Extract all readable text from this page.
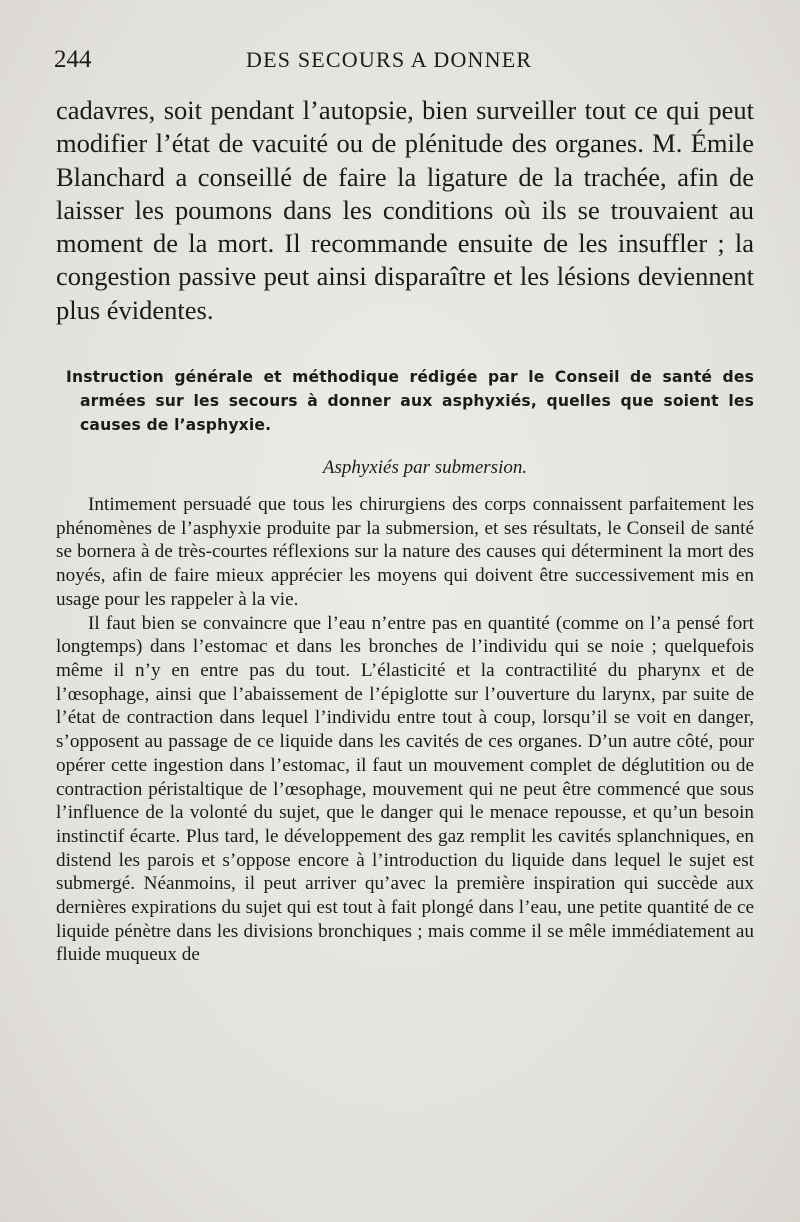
244	DES SECOURS A DONNER

cadavres, soit pendant l’autopsie, bien surveiller tout ce qui peut modifier l’état de vacuité ou de plénitude des organes. M. Émile Blanchard a conseillé de faire la ligature de la trachée, afin de laisser les poumons dans les conditions où ils se trouvaient au moment de la mort. Il recommande ensuite de les insuffler ; la congestion passive peut ainsi disparaître et les lésions deviennent plus évidentes.

Instruction générale et méthodique rédigée par le Conseil de santé des armées sur les secours à donner aux asphyxiés, quelles que soient les causes de l’asphyxie.
Asphyxiés par submersion.

Intimement persuadé que tous les chirurgiens des corps connaissent parfaitement les phénomènes de l’asphyxie produite par la submersion, et ses résultats, le Conseil de santé se bornera à de très-courtes réflexions sur la nature des causes qui déterminent la mort des noyés, afin de faire mieux apprécier les moyens qui doivent être successivement mis en usage pour les rappeler à la vie.

Il faut bien se convaincre que l’eau n’entre pas en quantité (comme on l’a pensé fort longtemps) dans l’estomac et dans les bronches de l’individu qui se noie ; quelquefois même il n’y en entre pas du tout. L’élasticité et la contractilité du pharynx et de l’œsophage, ainsi que l’abaissement de l’épiglotte sur l’ouverture du larynx, par suite de l’état de contraction dans lequel l’individu entre tout à coup, lorsqu’il se voit en danger, s’opposent au passage de ce liquide dans les cavités de ces organes. D’un autre côté, pour opérer cette ingestion dans l’estomac, il faut un mouvement complet de déglutition ou de contraction péristaltique de l’œsophage, mouvement qui ne peut être commencé que sous l’influence de la volonté du sujet, que le danger qui le menace repousse, et qu’un besoin instinctif écarte. Plus tard, le développement des gaz remplit les cavités splanchniques, en distend les parois et s’oppose encore à l’introduction du liquide dans lequel le sujet est submergé. Néanmoins, il peut arriver qu’avec la première inspiration qui succède aux dernières expirations du sujet qui est tout à fait plongé dans l’eau, une petite quantité de ce liquide pénètre dans les divisions bronchiques ; mais comme il se mêle immédiatement au fluide muqueux de
